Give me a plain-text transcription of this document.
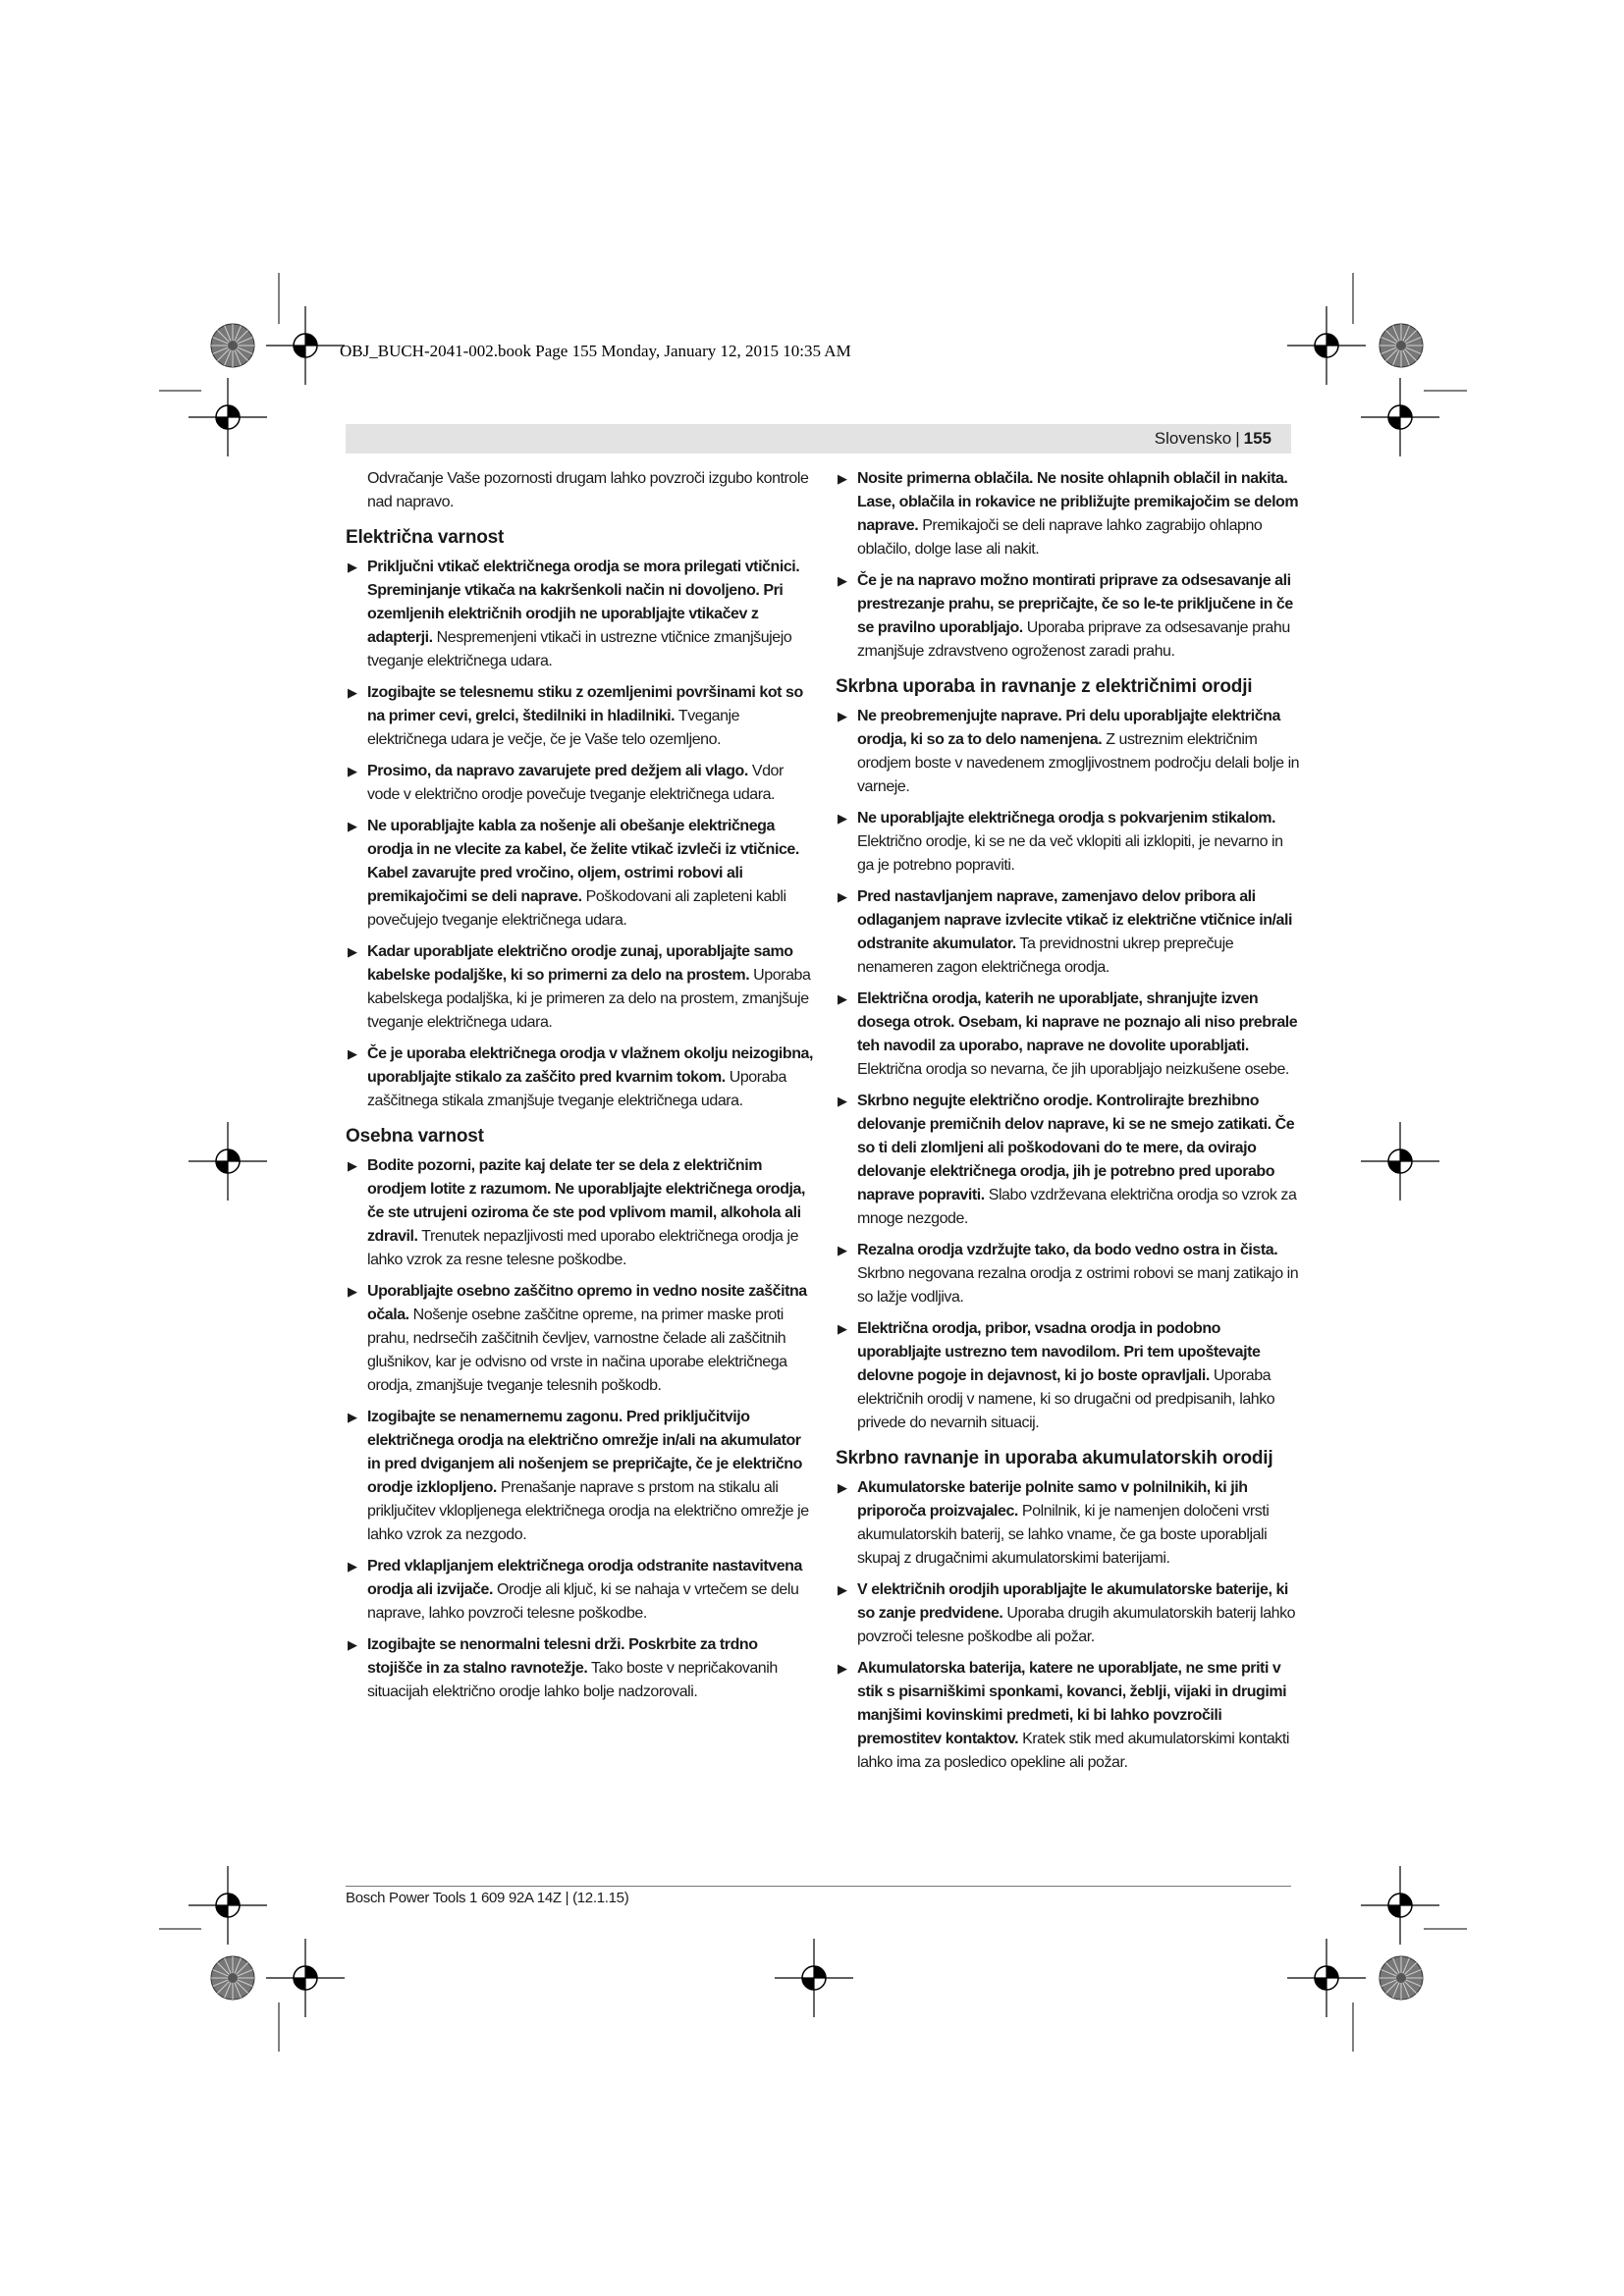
OBJ_BUCH-2041-002.book Page 155 Monday, January 12, 2015 10:35 AM
Slovensko | 155

Odvračanje Vaše pozornosti drugam lahko povzroči izgubo kontrole nad napravo.

Električna varnost
▶ Priključni vtikač električnega orodja se mora prilegati vtičnici. Spreminjanje vtikača na kakršenkoli način ni dovoljeno. Pri ozemljenih električnih orodjih ne uporabljajte vtikačev z adapterji. Nespremenjeni vtikači in ustrezne vtičnice zmanjšujejo tveganje električnega udara.
▶ Izogibajte se telesnemu stiku z ozemljenimi površinami kot so na primer cevi, grelci, štedilniki in hladilniki. Tveganje električnega udara je večje, če je Vaše telo ozemljeno.
▶ Prosimo, da napravo zavarujete pred dežjem ali vlago. Vdor vode v električno orodje povečuje tveganje električnega udara.
▶ Ne uporabljajte kabla za nošenje ali obešanje električnega orodja in ne vlecite za kabel, če želite vtikač izvleči iz vtičnice. Kabel zavarujte pred vročino, oljem, ostrimi robovi ali premikajočimi se deli naprave. Poškodovani ali zapleteni kabli povečujejo tveganje električnega udara.
▶ Kadar uporabljate električno orodje zunaj, uporabljajte samo kabelske podaljške, ki so primerni za delo na prostem. Uporaba kabelskega podaljška, ki je primeren za delo na prostem, zmanjšuje tveganje električnega udara.
▶ Če je uporaba električnega orodja v vlažnem okolju neizogibna, uporabljajte stikalo za zaščito pred kvarnim tokom. Uporaba zaščitnega stikala zmanjšuje tveganje električnega udara.
Osebna varnost
▶ Bodite pozorni, pazite kaj delate ter se dela z električnim orodjem lotite z razumom. Ne uporabljajte električnega orodja, če ste utrujeni oziroma če ste pod vplivom mamil, alkohola ali zdravil. Trenutek nepazljivosti med uporabo električnega orodja je lahko vzrok za resne telesne poškodbe.
▶ Uporabljajte osebno zaščitno opremo in vedno nosite zaščitna očala. Nošenje osebne zaščitne opreme, na primer maske proti prahu, nedrsečih zaščitnih čevljev, varnostne čelade ali zaščitnih glušnikov, kar je odvisno od vrste in načina uporabe električnega orodja, zmanjšuje tveganje telesnih poškodb.
▶ Izogibajte se nenamernemu zagonu. Pred priključitvijo električnega orodja na električno omrežje in/ali na akumulator in pred dviganjem ali nošenjem se prepričajte, če je električno orodje izklopljeno. Prenašanje naprave s prstom na stikalu ali priključitev vklopljenega električnega orodja na električno omrežje je lahko vzrok za nezgodo.
▶ Pred vklapljanjem električnega orodja odstranite nastavitvena orodja ali izvijače. Orodje ali ključ, ki se nahaja v vrtečem se delu naprave, lahko povzroči telesne poškodbe.
▶ Izogibajte se nenormalni telesni drži. Poskrbite za trdno stojišče in za stalno ravnotežje. Tako boste v nepričakovanih situacijah električno orodje lahko bolje nadzorovali.
▶ Nosite primerna oblačila. Ne nosite ohlapnih oblačil in nakita. Lase, oblačila in rokavice ne približujte premikajočim se delom naprave. Premikajoči se deli naprave lahko zagrabijo ohlapno oblačilo, dolge lase ali nakit.
▶ Če je na napravo možno montirati priprave za odsesavanje ali prestrezanje prahu, se prepričajte, če so le-te priključene in če se pravilno uporabljajo. Uporaba priprave za odsesavanje prahu zmanjšuje zdravstveno ogroženost zaradi prahu.
Skrbna uporaba in ravnanje z električnimi orodji
▶ Ne preobremenjujte naprave. Pri delu uporabljajte električna orodja, ki so za to delo namenjena. Z ustreznim električnim orodjem boste v navedenem zmogljivostnem področju delali bolje in varneje.
▶ Ne uporabljajte električnega orodja s pokvarjenim stikalom. Električno orodje, ki se ne da več vklopiti ali izklopiti, je nevarno in ga je potrebno popraviti.
▶ Pred nastavljanjem naprave, zamenjavo delov pribora ali odlaganjem naprave izvlecite vtikač iz električne vtičnice in/ali odstranite akumulator. Ta previdnostni ukrep preprečuje nenameren zagon električnega orodja.
▶ Električna orodja, katerih ne uporabljate, shranjujte izven dosega otrok. Osebam, ki naprave ne poznajo ali niso prebrale teh navodil za uporabo, naprave ne dovolite uporabljati. Električna orodja so nevarna, če jih uporabljajo neizkušene osebe.
▶ Skrbno negujte električno orodje. Kontrolirajte brezhibno delovanje premičnih delov naprave, ki se ne smejo zatikati. Če so ti deli zlomljeni ali poškodovani do te mere, da ovirajo delovanje električnega orodja, jih je potrebno pred uporabo naprave popraviti. Slabo vzdrževana električna orodja so vzrok za mnoge nezgode.
▶ Rezalna orodja vzdržujte tako, da bodo vedno ostra in čista. Skrbno negovana rezalna orodja z ostrimi robovi se manj zatikajo in so lažje vodljiva.
▶ Električna orodja, pribor, vsadna orodja in podobno uporabljajte ustrezno tem navodilom. Pri tem upoštevajte delovne pogoje in dejavnost, ki jo boste opravljali. Uporaba električnih orodij v namene, ki so drugačni od predpisanih, lahko privede do nevarnih situacij.
Skrbno ravnanje in uporaba akumulatorskih orodij
▶ Akumulatorske baterije polnite samo v polnilnikih, ki jih priporoča proizvajalec. Polnilnik, ki je namenjen določeni vrsti akumulatorskih baterij, se lahko vname, če ga boste uporabljali skupaj z drugačnimi akumulatorskimi baterijami.
▶ V električnih orodjih uporabljajte le akumulatorske baterije, ki so zanje predvidene. Uporaba drugih akumulatorskih baterij lahko povzroči telesne poškodbe ali požar.
▶ Akumulatorska baterija, katere ne uporabljate, ne sme priti v stik s pisarniškimi sponkami, kovanci, žeblji, vijaki in drugimi manjšimi kovinskimi predmeti, ki bi lahko povzročili premostitev kontaktov. Kratek stik med akumulatorskimi kontakti lahko ima za posledico opekline ali požar.
Bosch Power Tools 1 609 92A 14Z | (12.1.15)
